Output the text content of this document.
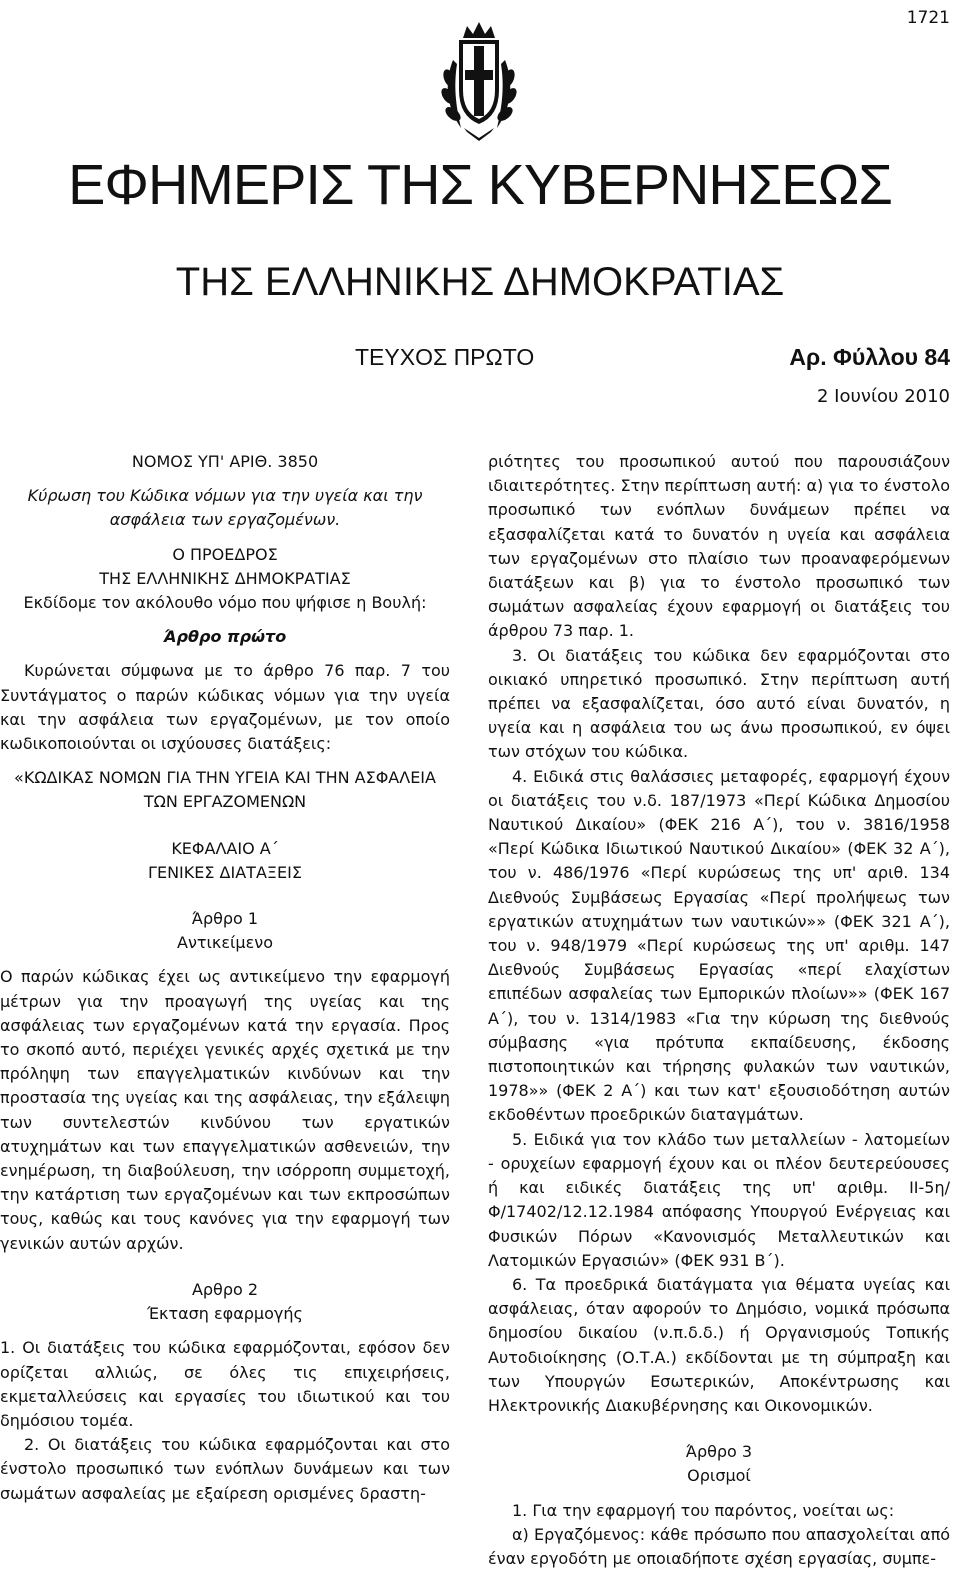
1721
ΕΦΗΜΕΡΙΣ ΤΗΣ ΚΥΒΕΡΝΗΣΕΩΣ
ΤΗΣ ΕΛΛΗΝΙΚΗΣ ΔΗΜΟΚΡΑΤΙΑΣ
ΤΕΥΧΟΣ ΠΡΩΤΟ	Αρ. Φύλλου 84
2 Ιουνίου 2010

ΝΟΜΟΣ ΥΠ' ΑΡΙΘ. 3850

Κύρωση του Κώδικα νόμων για την υγεία και την

ασφάλεια των εργαζομένων.

Ο ΠΡΟΕΔΡΟΣ

ΤΗΣ ΕΛΛΗΝΙΚΗΣ ΔΗΜΟΚΡΑΤΙΑΣ

Εκδίδομε τον ακόλουθο νόμο που ψήφισε η Βουλή:

Άρθρο πρώτο

Κυρώνεται σύμφωνα με το άρθρο 76 παρ. 7 του Συντάγματος ο παρών κώδικας νόμων για την υγεία και την ασφάλεια των εργαζομένων, με τον οποίο κωδικοποιούνται οι ισχύουσες διατάξεις:

«ΚΩΔΙΚΑΣ ΝΟΜΩΝ ΓΙΑ ΤΗΝ ΥΓΕΙΑ ΚΑΙ ΤΗΝ ΑΣΦΑΛΕΙΑ

ΤΩΝ ΕΡΓΑΖΟΜΕΝΩΝ

ΚΕΦΑΛΑΙΟ Α΄

ΓΕΝΙΚΕΣ ΔΙΑΤΑΞΕΙΣ

Άρθρο 1

Αντικείμενο

Ο παρών κώδικας έχει ως αντικείμενο την εφαρμογή μέτρων για την προαγωγή της υγείας και της ασφάλειας των εργαζομένων κατά την εργασία. Προς το σκοπό αυτό, περιέχει γενικές αρχές σχετικά με την πρόληψη των επαγγελματικών κινδύνων και την προστασία της υγείας και της ασφάλειας, την εξάλειψη των συντελεστών κινδύνου των εργατικών ατυχημάτων και των επαγγελματικών ασθενειών, την ενημέρωση, τη διαβούλευση, την ισόρροπη συμμετοχή, την κατάρτιση των εργαζομένων και των εκπροσώπων τους, καθώς και τους κανόνες για την εφαρμογή των γενικών αυτών αρχών.

Αρθρο 2

Έκταση εφαρμογής

1. Οι διατάξεις του κώδικα εφαρμόζονται, εφόσον δεν ορίζεται αλλιώς, σε όλες τις επιχειρήσεις, εκμεταλλεύσεις και εργασίες του ιδιωτικού και του δημόσιου τομέα.

2. Οι διατάξεις του κώδικα εφαρμόζονται και στο ένστολο προσωπικό των ενόπλων δυνάμεων και των σωμάτων ασφαλείας με εξαίρεση ορισμένες δραστη-

ριότητες του προσωπικού αυτού που παρουσιάζουν ιδιαιτερότητες. Στην περίπτωση αυτή: α) για το ένστολο προσωπικό των ενόπλων δυνάμεων πρέπει να εξασφαλίζεται κατά το δυνατόν η υγεία και ασφάλεια των εργαζομένων στο πλαίσιο των προαναφερόμενων διατάξεων και β) για το ένστολο προσωπικό των σωμάτων ασφαλείας έχουν εφαρμογή οι διατάξεις του άρθρου 73 παρ. 1.

3. Οι διατάξεις του κώδικα δεν εφαρμόζονται στο οικιακό υπηρετικό προσωπικό. Στην περίπτωση αυτή πρέπει να εξασφαλίζεται, όσο αυτό είναι δυνατόν, η υγεία και η ασφάλεια του ως άνω προσωπικού, εν όψει των στόχων του κώδικα.

4. Ειδικά στις θαλάσσιες μεταφορές, εφαρμογή έχουν οι διατάξεις του ν.δ. 187/1973 «Περί Κώδικα Δημοσίου Ναυτικού Δικαίου» (ΦΕΚ 216 Α΄), του ν. 3816/1958 «Περί Κώδικα Ιδιωτικού Ναυτικού Δικαίου» (ΦΕΚ 32 Α΄), του ν. 486/1976 «Περί κυρώσεως της υπ' αριθ. 134 Διεθνούς Συμβάσεως Εργασίας «Περί προλήψεως των εργατικών ατυχημάτων των ναυτικών»» (ΦΕΚ 321 Α΄), του ν. 948/1979 «Περί κυρώσεως της υπ' αριθμ. 147 Διεθνούς Συμβάσεως Εργασίας «περί ελαχίστων επιπέδων ασφαλείας των Εμπορικών πλοίων»» (ΦΕΚ 167 Α΄), του ν. 1314/1983 «Για την κύρωση της διεθνούς σύμβασης «για πρότυπα εκπαίδευσης, έκδοσης πιστοποιητικών και τήρησης φυλακών των ναυτικών, 1978»» (ΦΕΚ 2 Α΄) και των κατ' εξουσιοδότηση αυτών εκδοθέντων προεδρικών διαταγμάτων.

5. Ειδικά για τον κλάδο των μεταλλείων - λατομείων - ορυχείων εφαρμογή έχουν και οι πλέον δευτερεύουσες ή και ειδικές διατάξεις της υπ' αριθμ. ΙΙ-5η/Φ/17402/12.12.1984 απόφασης Υπουργού Ενέργειας και Φυσικών Πόρων «Κανονισμός Μεταλλευτικών και Λατομικών Εργασιών» (ΦΕΚ 931 Β΄).

6. Τα προεδρικά διατάγματα για θέματα υγείας και ασφάλειας, όταν αφορούν το Δημόσιο, νομικά πρόσωπα δημοσίου δικαίου (ν.π.δ.δ.) ή Οργανισμούς Τοπικής Αυτοδιοίκησης (Ο.Τ.Α.) εκδίδονται με τη σύμπραξη και των Υπουργών Εσωτερικών, Αποκέντρωσης και Ηλεκτρονικής Διακυβέρνησης και Οικονομικών.

Άρθρο 3

Ορισμοί

1. Για την εφαρμογή του παρόντος, νοείται ως:

α) Εργαζόμενος: κάθε πρόσωπο που απασχολείται από έναν εργοδότη με οποιαδήποτε σχέση εργασίας, συμπε-
